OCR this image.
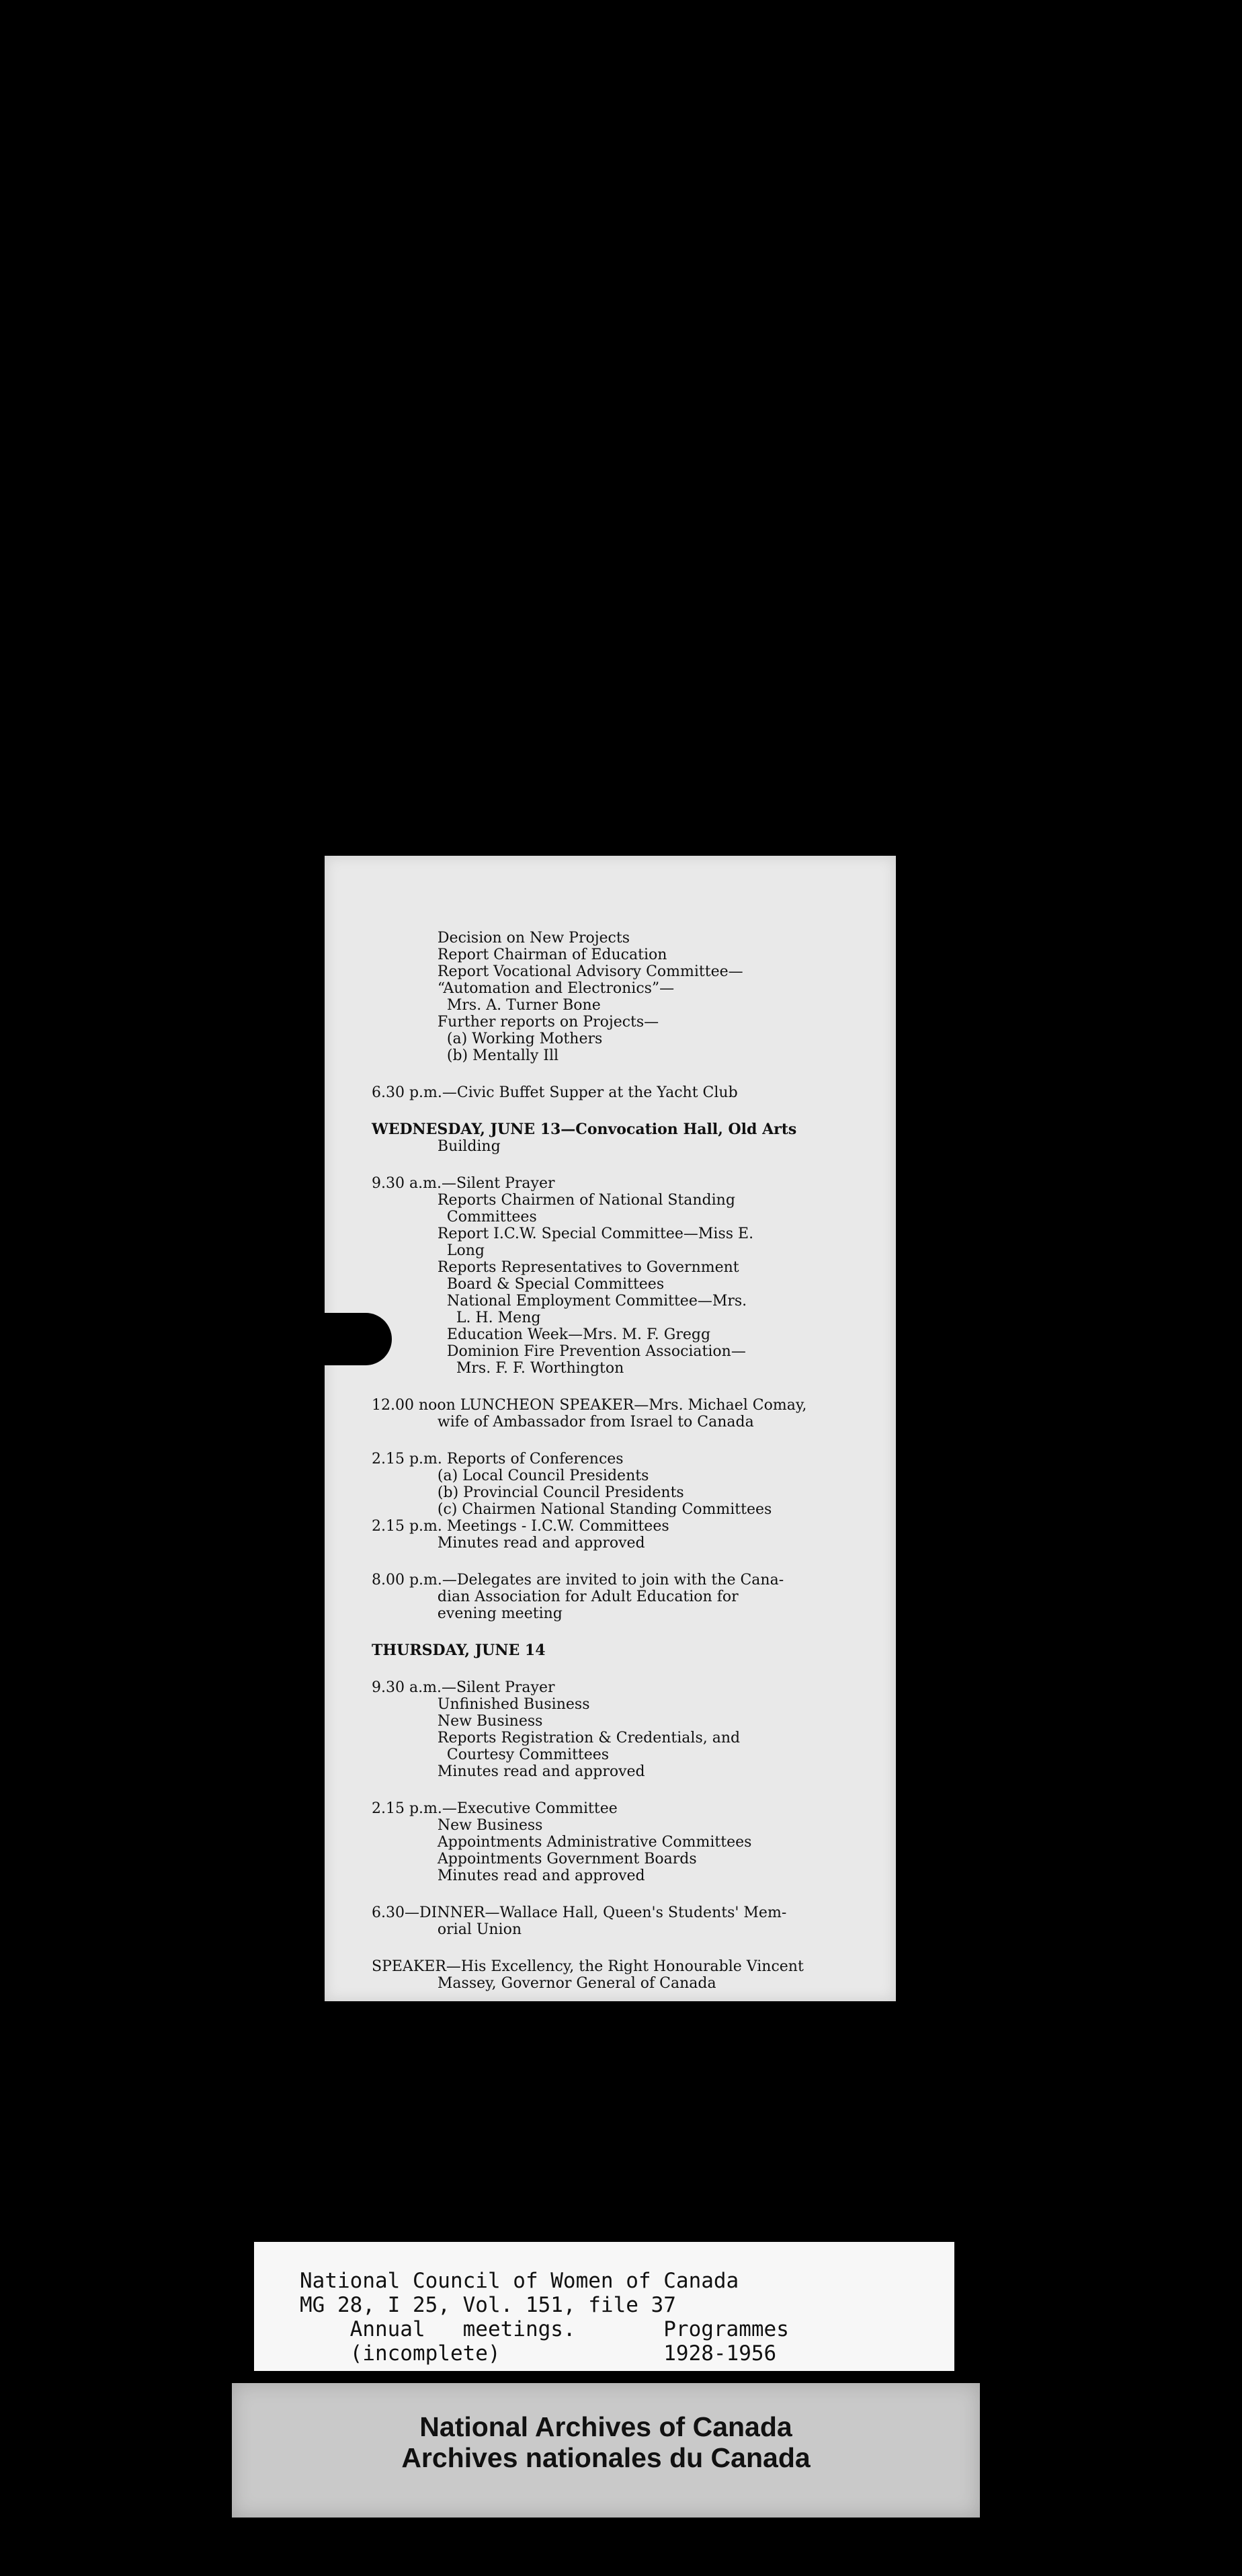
Decision on New Projects
Report Chairman of Education
Report Vocational Advisory Committee—
“Automation and Electronics”—
Mrs. A. Turner Bone
Further reports on Projects—
(a) Working Mothers
(b) Mentally Ill
6.30 p.m.—Civic Buffet Supper at the Yacht Club
WEDNESDAY, JUNE 13—Convocation Hall, Old Arts
Building
9.30 a.m.—Silent Prayer
Reports Chairmen of National Standing
Committees
Report I.C.W. Special Committee—Miss E.
Long
Reports Representatives to Government
Board & Special Committees
National Employment Committee—Mrs.
L. H. Meng
Education Week—Mrs. M. F. Gregg
Dominion Fire Prevention Association—
Mrs. F. F. Worthington
12.00 noon LUNCHEON SPEAKER—Mrs. Michael Comay,
wife of Ambassador from Israel to Canada
2.15 p.m. Reports of Conferences
(a) Local Council Presidents
(b) Provincial Council Presidents
(c) Chairmen National Standing Committees
2.15 p.m. Meetings - I.C.W. Committees
Minutes read and approved
8.00 p.m.—Delegates are invited to join with the Cana-
dian Association for Adult Education for
evening meeting
THURSDAY, JUNE 14
9.30 a.m.—Silent Prayer
Unfinished Business
New Business
Reports Registration & Credentials, and
Courtesy Committees
Minutes read and approved
2.15 p.m.—Executive Committee
New Business
Appointments Administrative Committees
Appointments Government Boards
Minutes read and approved
6.30—DINNER—Wallace Hall, Queen's Students' Mem-
orial Union
SPEAKER—His Excellency, the Right Honourable Vincent
Massey, Governor General of Canada
National Council of Women of Canada
MG 28, I 25, Vol. 151, file 37
Annual   meetings.       Programmes
(incomplete)             1928-1956
National Archives of Canada
Archives nationales du Canada
